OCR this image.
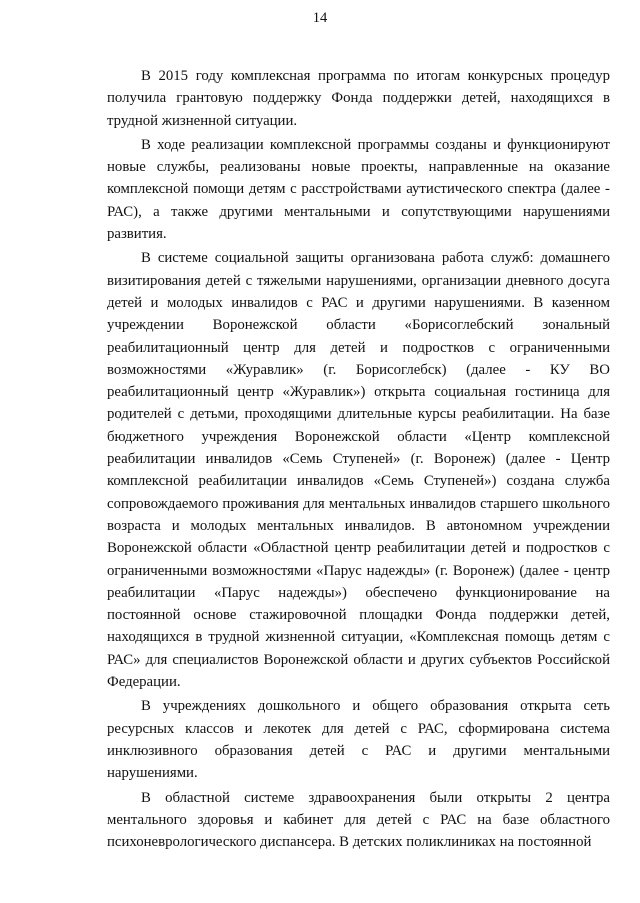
14

В 2015 году комплексная программа по итогам конкурсных процедур получила грантовую поддержку Фонда поддержки детей, находящихся в трудной жизненной ситуации.

В ходе реализации комплексной программы созданы и функционируют новые службы, реализованы новые проекты, направленные на оказание комплексной помощи детям с расстройствами аутистического спектра (далее - РАС), а также другими ментальными и сопутствующими нарушениями развития.

В системе социальной защиты организована работа служб: домашнего визитирования детей с тяжелыми нарушениями, организации дневного досуга детей и молодых инвалидов с РАС и другими нарушениями. В казенном учреждении Воронежской области «Борисоглебский зональный реабилитационный центр для детей и подростков с ограниченными возможностями «Журавлик» (г. Борисоглебск) (далее - КУ ВО реабилитационный центр «Журавлик») открыта социальная гостиница для родителей с детьми, проходящими длительные курсы реабилитации. На базе бюджетного учреждения Воронежской области «Центр комплексной реабилитации инвалидов «Семь Ступеней» (г. Воронеж) (далее - Центр комплексной реабилитации инвалидов «Семь Ступеней») создана служба сопровождаемого проживания для ментальных инвалидов старшего школьного возраста и молодых ментальных инвалидов. В автономном учреждении Воронежской области «Областной центр реабилитации детей и подростков с ограниченными возможностями «Парус надежды» (г. Воронеж) (далее - центр реабилитации «Парус надежды») обеспечено функционирование на постоянной основе стажировочной площадки Фонда поддержки детей, находящихся в трудной жизненной ситуации, «Комплексная помощь детям с РАС» для специалистов Воронежской области и других субъектов Российской Федерации.

В учреждениях дошкольного и общего образования открыта сеть ресурсных классов и лекотек для детей с РАС, сформирована система инклюзивного образования детей с РАС и другими ментальными нарушениями.

В областной системе здравоохранения были открыты 2 центра ментального здоровья и кабинет для детей с РАС на базе областного психоневрологического диспансера. В детских поликлиниках на постоянной
